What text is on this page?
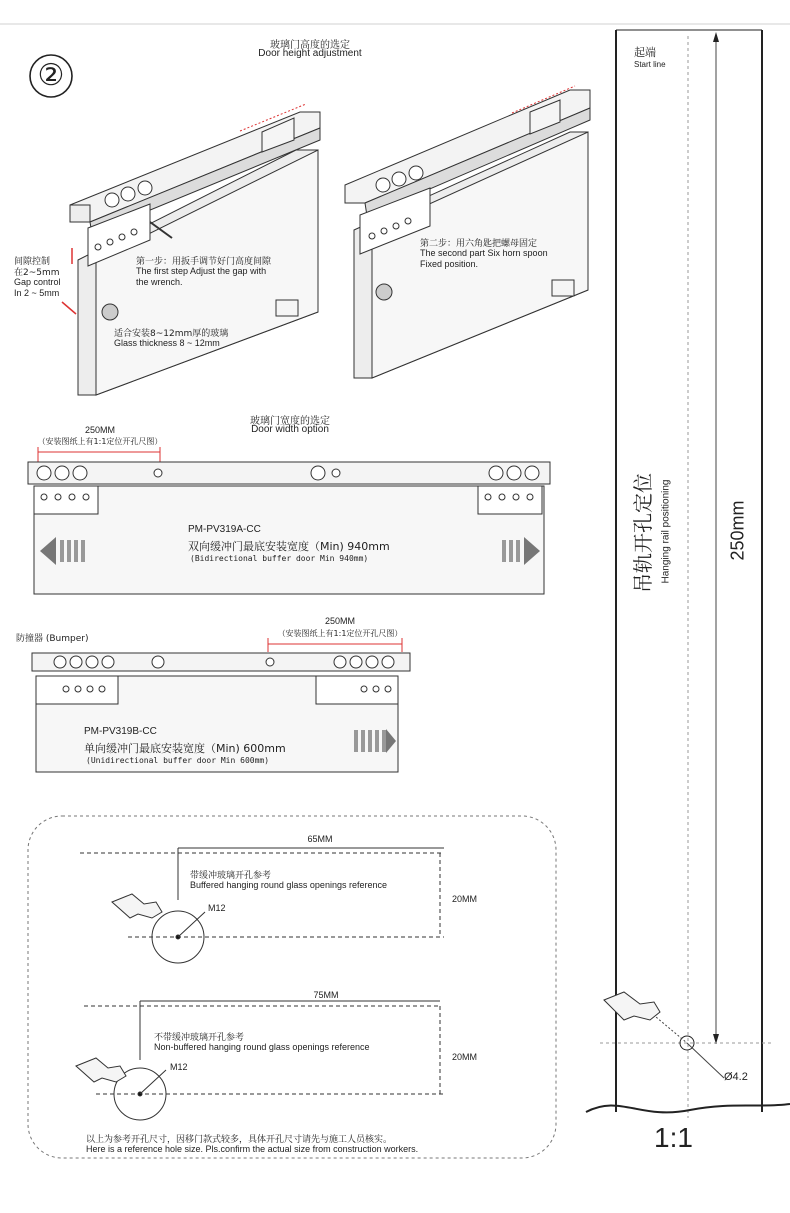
②
玻璃门高度的选定
Door height adjustment
间隙控制
在2~5mm
Gap control
In 2 ~ 5mm
第一步：用扳手调节好门高度间隙
The first step Adjust the gap with
the wrench.
适合安装8~12mm厚的玻璃
Glass thickness 8 ~ 12mm
第二步：用六角匙把螺母固定
The second part Six horn spoon
Fixed position.
玻璃门宽度的选定
Door width option
250MM
（安装图纸上有1:1定位开孔尺图）
PM-PV319A-CC
双向缓冲门最底安装宽度（Min) 940mm
(Bidirectional buffer door Min 940mm)
防撞器 (Bumper)
250MM
（安装图纸上有1:1定位开孔尺图）
PM-PV319B-CC
单向缓冲门最底安装宽度（Min) 600mm
(Unidirectional buffer door Min 600mm)
65MM
带缓冲玻璃开孔参考
Buffered hanging round glass openings reference
20MM
M12
75MM
不带缓冲玻璃开孔参考
Non-buffered hanging round glass openings reference
20MM
M12
以上为参考开孔尺寸，因移门款式较多，具体开孔尺寸请先与施工人员核实。
Here is a reference hole size. Pls.confirm the actual size from construction workers.
起端
Start line
吊轨开孔定位 Hanging rail positioning	250mm
Ø4.2
1:1
